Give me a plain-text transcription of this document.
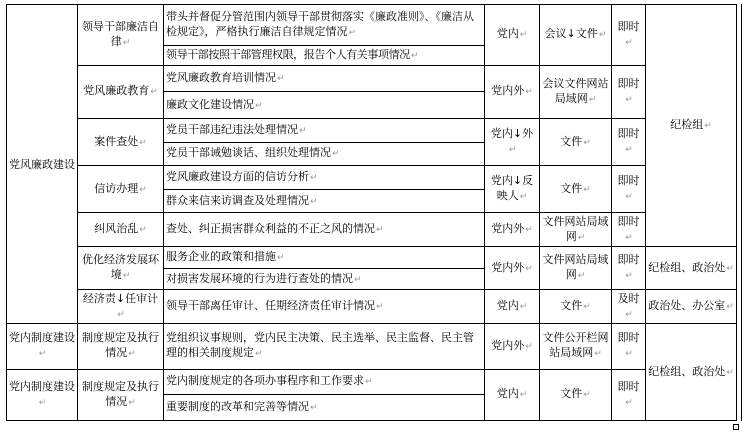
党风廉政建设	领导干部廉洁自律↵	带头并督促分管范围内领导干部贯彻落实《廉政准则》、《廉洁从检规定》，严格执行廉洁自律规定情况↵	党内↵	会议↓文件↵	即时↵	纪检组↵
		领导干部按照干部管理权限，报告个人有关事项情况↵				
	党风廉政教育↵	党风廉政教育培训情况↵	党内外↵	会议文件网站局域网↵	即时↵	
		廉政文化建设情况↵				
	案件查处↵	党员干部违纪违法处理情况↵	党内↓外↵	文件↵	即时↵	
		党员干部诫勉谈话、组织处理情况↵				
	信访办理↵	党风廉政建设方面的信访分析↵	党内↓反映人↵	文件↵	即时↵	
		群众来信来访调查及处理情况↵				
	纠风治乱↵	查处、纠正损害群众利益的不正之风的情况↵	党内外↵	文件网站局域网↵	即时↵	
	优化经济发展环境↵	服务企业的政策和措施↵	党内外↵	文件网站局域网↵	即时↵	纪检组、政治处↵
		对损害发展环境的行为进行查处的情况↵				
	经济责↓任审计↵	领导干部离任审计、任期经济责任审计情况↵	党内↵	文件↵	及时↵	政治处、办公室↵
党内制度建设↵	制度规定及执行情况↵	党组织议事规则，党内民主决策、民主选举、民主监督、民主管理的相关制度规定↵	党内外↵	文件公开栏网站局域网↵	即时↵	纪检组、政治处↵
党内制度建设↵	制度规定及执行情况↵	党内制度规定的各项办事程序和工作要求↵	党内↵	文件↵	即时↵	
		重要制度的改革和完善等情况↵				
